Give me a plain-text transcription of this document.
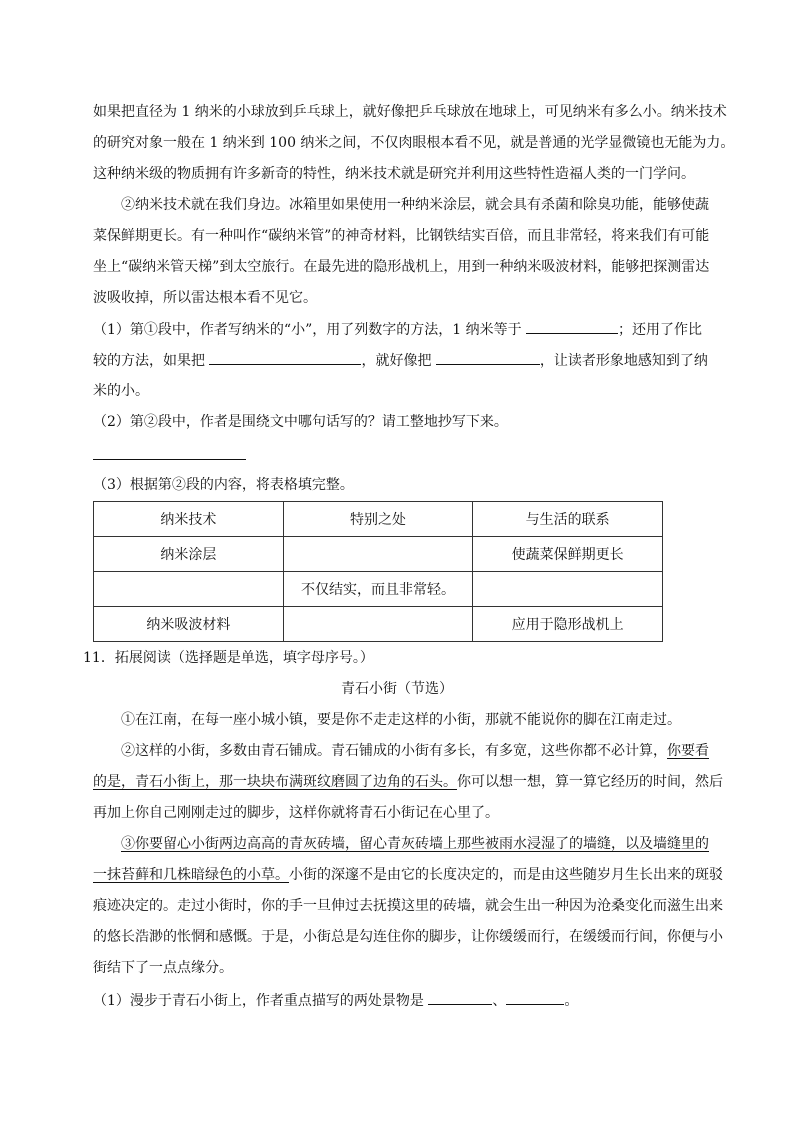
如果把直径为 1 纳米的小球放到乒乓球上，就好像把乒乓球放在地球上，可见纳米有多么小。纳米技术
的研究对象一般在 1 纳米到 100 纳米之间，不仅肉眼根本看不见，就是普通的光学显微镜也无能为力。
这种纳米级的物质拥有许多新奇的特性，纳米技术就是研究并利用这些特性造福人类的一门学问。
②纳米技术就在我们身边。冰箱里如果使用一种纳米涂层，就会具有杀菌和除臭功能，能够使蔬
菜保鲜期更长。有一种叫作“碳纳米管”的神奇材料，比钢铁结实百倍，而且非常轻，将来我们有可能
坐上“碳纳米管天梯”到太空旅行。在最先进的隐形战机上，用到一种纳米吸波材料，能够把探测雷达
波吸收掉，所以雷达根本看不见它。
（1）第①段中，作者写纳米的“小”，用了列数字的方法，1 纳米等于	；还用了作比
较的方法，如果把	，就好像把	，让读者形象地感知到了纳
米的小。
（2）第②段中，作者是围绕文中哪句话写的？请工整地抄写下来。
（3）根据第②段的内容，将表格填完整。
纳米技术	特别之处	与生活的联系
纳米涂层		使蔬菜保鲜期更长
	不仅结实，而且非常轻。	
纳米吸波材料		应用于隐形战机上
11．拓展阅读（选择题是单选，填字母序号。）
青石小街（节选）
①在江南，在每一座小城小镇，要是你不走走这样的小街，那就不能说你的脚在江南走过。
②这样的小街，多数由青石铺成。青石铺成的小街有多长，有多宽，这些你都不必计算，你要看
的是，青石小街上，那一块块布满斑纹磨圆了边角的石头。你可以想一想，算一算它经历的时间，然后
再加上你自己刚刚走过的脚步，这样你就将青石小街记在心里了。
③你要留心小街两边高高的青灰砖墙，留心青灰砖墙上那些被雨水浸湿了的墙缝，以及墙缝里的
一抹苔藓和几株暗绿色的小草。小街的深邃不是由它的长度决定的，而是由这些随岁月生长出来的斑驳
痕迹决定的。走过小街时，你的手一旦伸过去抚摸这里的砖墙，就会生出一种因为沧桑变化而滋生出来
的悠长浩渺的怅惘和感慨。于是，小街总是勾连住你的脚步，让你缓缓而行，在缓缓而行间，你便与小
街结下了一点点缘分。
（1）漫步于青石小街上，作者重点描写的两处景物是	、	。
